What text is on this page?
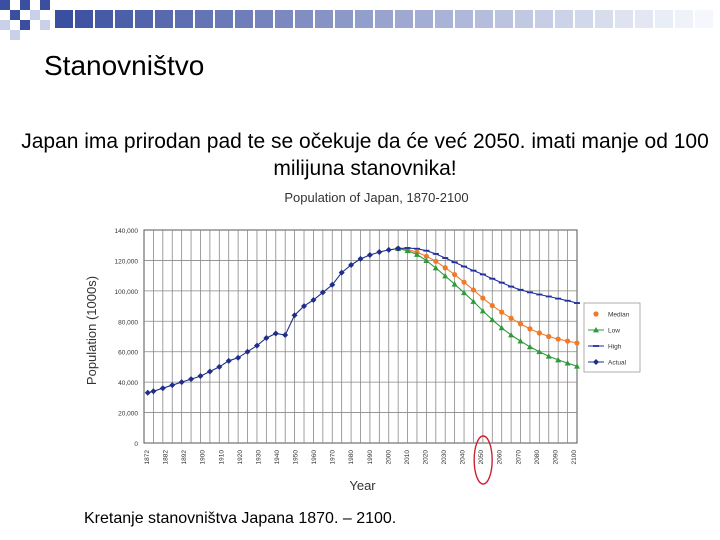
Stanovništvo
Japan ima prirodan pad te se očekuje da će već 2050. imati manje od 100 milijuna stanovnika!
Population of Japan, 1870-2100
0
20,000
40,000
60,000
80,000
100,000
120,000
140,000
1872 1882 1892 1900 1910 1920 1930 1940 1950 1960 1970 1980 1990 2000 2010 2020 2030 2040 2050 2060 2070 2080 2090 2100
Year
Population (1000s)	Median
Low
High
Actual
Kretanje stanovništva Japana 1870. – 2100.
